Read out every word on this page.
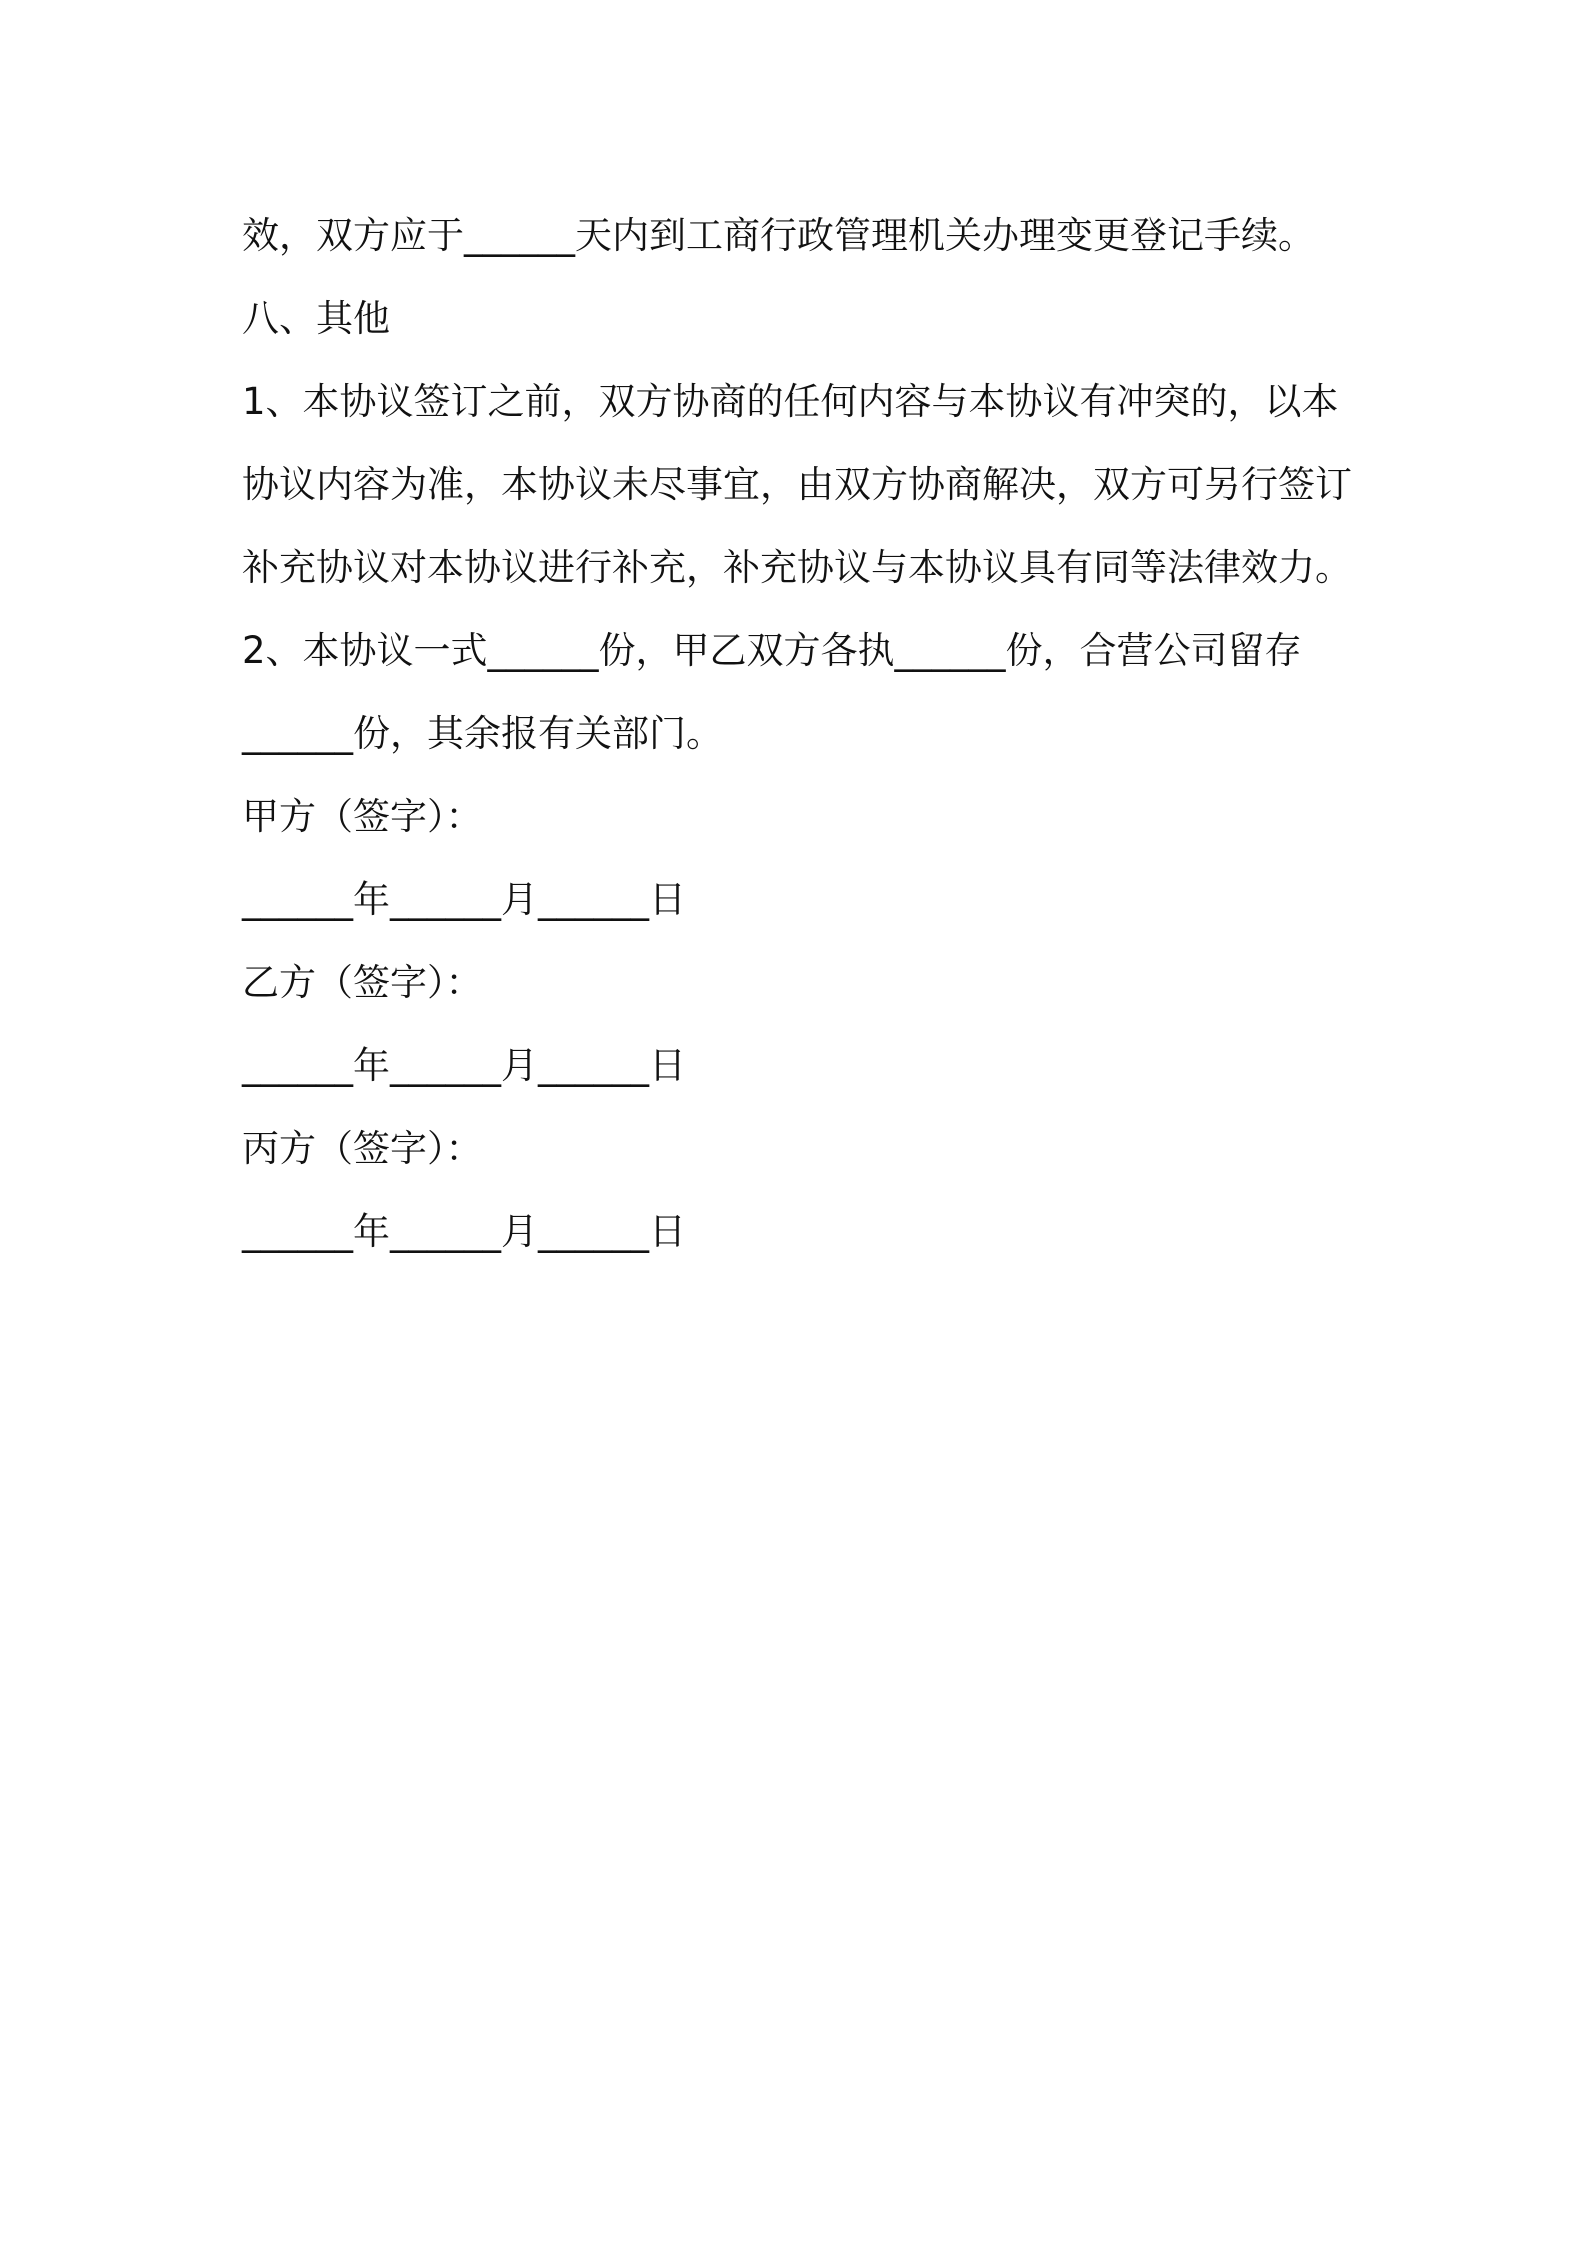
效，双方应于______天内到工商行政管理机关办理变更登记手续。

八、其他

1、本协议签订之前，双方协商的任何内容与本协议有冲突的，以本

协议内容为准，本协议未尽事宜，由双方协商解决，双方可另行签订

补充协议对本协议进行补充，补充协议与本协议具有同等法律效力。

2、本协议一式______份，甲乙双方各执______份，合营公司留存

______份，其余报有关部门。

甲方（签字）：

______年______月______日

乙方（签字）：

______年______月______日

丙方（签字）：

______年______月______日
